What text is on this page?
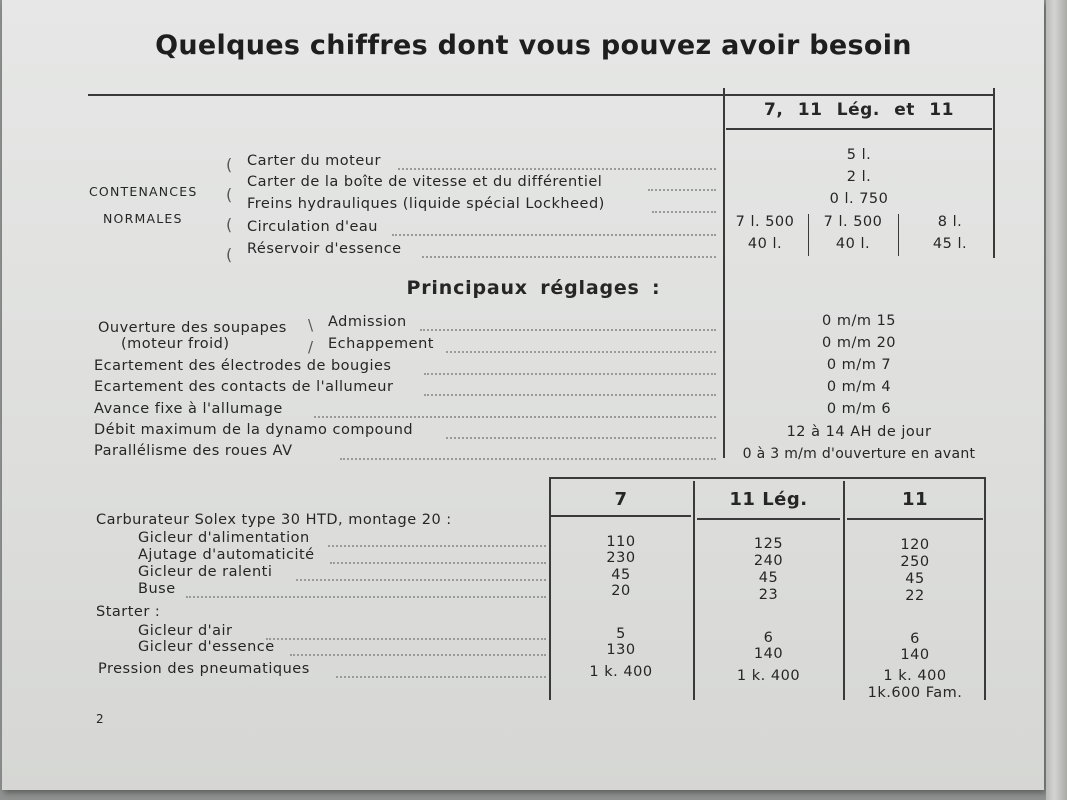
Quelques chiffres dont vous pouvez avoir besoin
7, 11 Lég. et 11
CONTENANCES
NORMALES
(
(
(
(
Carter du moteur	5 l.
Carter de la boîte de vitesse et du différentiel	2 l.
Freins hydrauliques (liquide spécial Lockheed)	0 l. 750
Circulation d'eau	7 l. 500	7 l. 500	8 l.
Réservoir d'essence	40 l.	40 l.	45 l.
Principaux réglages :
Ouverture des soupapes
(moteur froid)
\
/
Admission	0 m/m 15
Echappement	0 m/m 20
Ecartement des électrodes de bougies	0 m/m 7
Ecartement des contacts de l'allumeur	0 m/m 4
Avance fixe à l'allumage	0 m/m 6
Débit maximum de la dynamo compound	12 à 14 AH de jour
Parallélisme des roues AV	0 à 3 m/m d'ouverture en avant
7	11 Lég.	11
Carburateur Solex type 30 HTD, montage 20 :
Gicleur d'alimentation	110	125	120
Ajutage d'automaticité	230	240	250
Gicleur de ralenti	45	45	45
Buse	20	23	22
Starter :
Gicleur d'air	5	6	6
Gicleur d'essence	130	140	140
Pression des pneumatiques	1 k. 400	1 k. 400	1 k. 400
1k.600 Fam.
2
